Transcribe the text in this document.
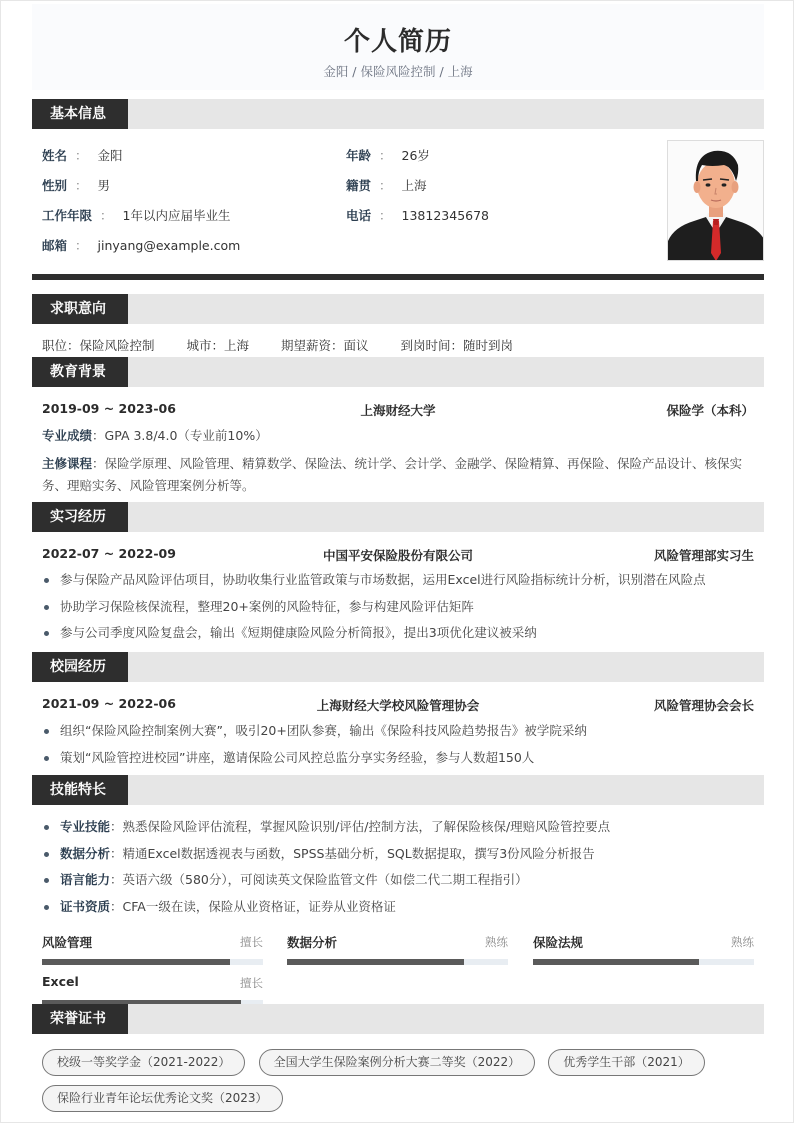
个人简历
金阳 / 保险风险控制 / 上海
基本信息
姓名 ： 金阳
性别 ： 男
工作年限 ： 1年以内应届毕业生
邮箱 ： jinyang@example.com
年龄 ： 26岁
籍贯 ： 上海
电话 ： 13812345678
求职意向
职位：保险风险控制	城市：上海	期望薪资：面议	到岗时间：随时到岗
教育背景
2019-09 ~ 2023-06	上海财经大学	保险学（本科）
专业成绩：GPA 3.8/4.0（专业前10%）
主修课程：保险学原理、风险管理、精算数学、保险法、统计学、会计学、金融学、保险精算、再保险、保险产品设计、核保实务、理赔实务、风险管理案例分析等。
实习经历
2022-07 ~ 2022-09	中国平安保险股份有限公司	风险管理部实习生
参与保险产品风险评估项目，协助收集行业监管政策与市场数据，运用Excel进行风险指标统计分析，识别潜在风险点
协助学习保险核保流程，整理20+案例的风险特征，参与构建风险评估矩阵
参与公司季度风险复盘会，输出《短期健康险风险分析简报》，提出3项优化建议被采纳
校园经历
2021-09 ~ 2022-06	上海财经大学校风险管理协会	风险管理协会会长
组织“保险风险控制案例大赛”，吸引20+团队参赛，输出《保险科技风险趋势报告》被学院采纳
策划“风险管控进校园”讲座，邀请保险公司风控总监分享实务经验，参与人数超150人
技能特长
专业技能：熟悉保险风险评估流程，掌握风险识别/评估/控制方法，了解保险核保/理赔风险管控要点
数据分析：精通Excel数据透视表与函数，SPSS基础分析，SQL数据提取，撰写3份风险分析报告
语言能力：英语六级（580分），可阅读英文保险监管文件（如偿二代二期工程指引）
证书资质：CFA一级在读，保险从业资格证，证券从业资格证
风险管理	擅长 数据分析	熟练 保险法规	熟练
Excel	擅长
荣誉证书
校级一等奖学金（2021-2022）	全国大学生保险案例分析大赛二等奖（2022）	优秀学生干部（2021） 保险行业青年论坛优秀论文奖（2023）
